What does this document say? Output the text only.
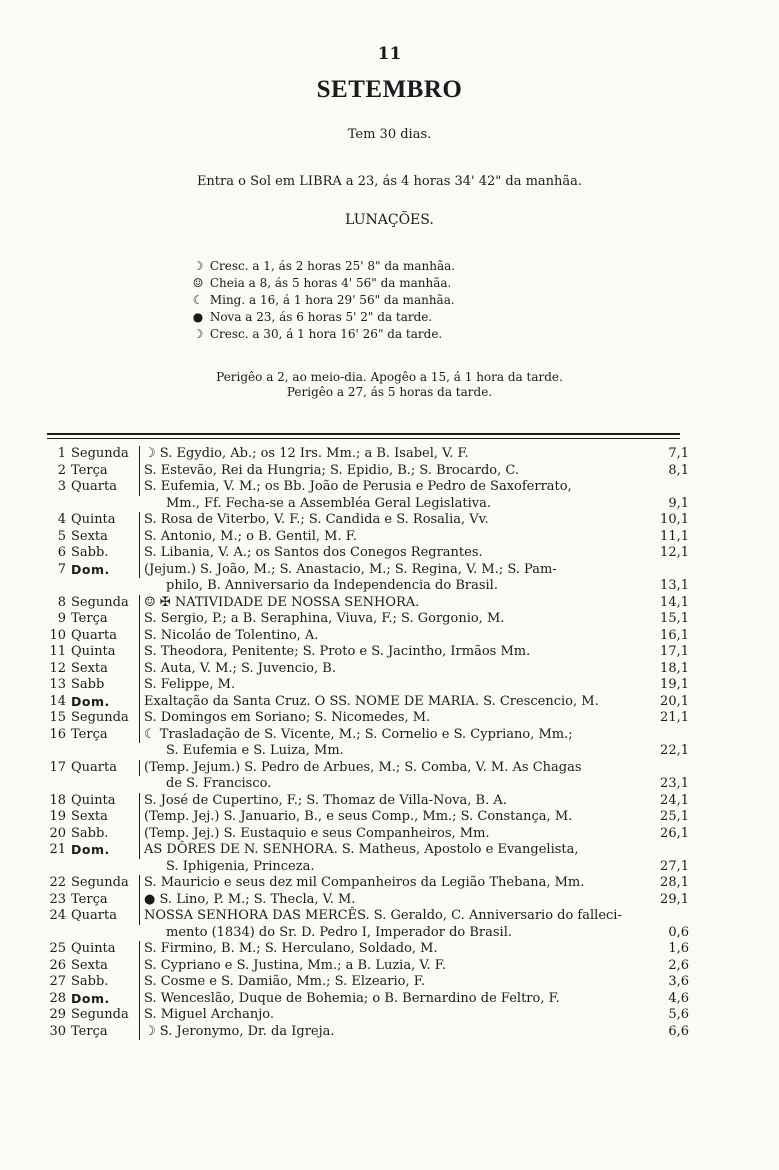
11
SETEMBRO
Tem 30 dias.
Entra o Sol em LIBRA a 23, ás 4 horas 34' 42" da manhãa.
LUNAÇÕES.
☽ Cresc. a 1, ás 2 horas 25' 8" da manhãa.
☺ Cheia a 8, ás 5 horas 4' 56" da manhãa.
☾ Ming. a 16, á 1 hora 29' 56" da manhãa.
● Nova a 23, ás 6 horas 5' 2" da tarde.
☽ Cresc. a 30, á 1 hora 16' 26" da tarde.
Perigêo a 2, ao meio-dia. Apogêo a 15, á 1 hora da tarde.
Perigêo a 27, ás 5 horas da tarde.
1 Segunda	☽ S. Egydio, Ab.; os 12 Irs. Mm.; a B. Isabel, V. F.	7,1
2 Terça	S. Estevão, Rei da Hungria; S. Epidio, B.; S. Brocardo, C.	8,1
3 Quarta	S. Eufemia, V. M.; os Bb. João de Perusia e Pedro de Saxoferrato,
Mm., Ff. Fecha-se a Assembléa Geral Legislativa.	9,1
4 Quinta	S. Rosa de Viterbo, V. F.; S. Candida e S. Rosalia, Vv.	10,1
5 Sexta	S. Antonio, M.; o B. Gentil, M. F.	11,1
6 Sabb.	S. Libania, V. A.; os Santos dos Conegos Regrantes.	12,1
7 Dom.	(Jejum.) S. João, M.; S. Anastacio, M.; S. Regina, V. M.; S. Pam-
philo, B. Anniversario da Independencia do Brasil.	13,1
8 Segunda	☺ ✠ NATIVIDADE DE NOSSA SENHORA.	14,1
9 Terça	S. Sergio, P.; a B. Seraphina, Viuva, F.; S. Gorgonio, M.	15,1
10 Quarta	S. Nicoláo de Tolentino, A.	16,1
11 Quinta	S. Theodora, Penitente; S. Proto e S. Jacintho, Irmãos Mm.	17,1
12 Sexta	S. Auta, V. M.; S. Juvencio, B.	18,1
13 Sabb	S. Felippe, M.	19,1
14 Dom.	Exaltação da Santa Cruz. O SS. NOME DE MARIA. S. Crescencio, M.	20,1
15 Segunda	S. Domingos em Soriano; S. Nicomedes, M.	21,1
16 Terça	☾ Trasladação de S. Vicente, M.; S. Cornelio e S. Cypriano, Mm.;
S. Eufemia e S. Luiza, Mm.	22,1
17 Quarta	(Temp. Jejum.) S. Pedro de Arbues, M.; S. Comba, V. M. As Chagas
de S. Francisco.	23,1
18 Quinta	S. José de Cupertino, F.; S. Thomaz de Villa-Nova, B. A.	24,1
19 Sexta	(Temp. Jej.) S. Januario, B., e seus Comp., Mm.; S. Constança, M.	25,1
20 Sabb.	(Temp. Jej.) S. Eustaquio e seus Companheiros, Mm.	26,1
21 Dom.	AS DÔRES DE N. SENHORA. S. Matheus, Apostolo e Evangelista,
S. Iphigenia, Princeza.	27,1
22 Segunda	S. Mauricio e seus dez mil Companheiros da Legião Thebana, Mm.	28,1
23 Terça	● S. Lino, P. M.; S. Thecla, V. M.	29,1
24 Quarta	NOSSA SENHORA DAS MERCÊS. S. Geraldo, C. Anniversario do falleci-
mento (1834) do Sr. D. Pedro I, Imperador do Brasil.	0,6
25 Quinta	S. Firmino, B. M.; S. Herculano, Soldado, M.	1,6
26 Sexta	S. Cypriano e S. Justina, Mm.; a B. Luzia, V. F.	2,6
27 Sabb.	S. Cosme e S. Damião, Mm.; S. Elzeario, F.	3,6
28 Dom.	S. Wenceslão, Duque de Bohemia; o B. Bernardino de Feltro, F.	4,6
29 Segunda	S. Miguel Archanjo.	5,6
30 Terça	☽ S. Jeronymo, Dr. da Igreja.	6,6
